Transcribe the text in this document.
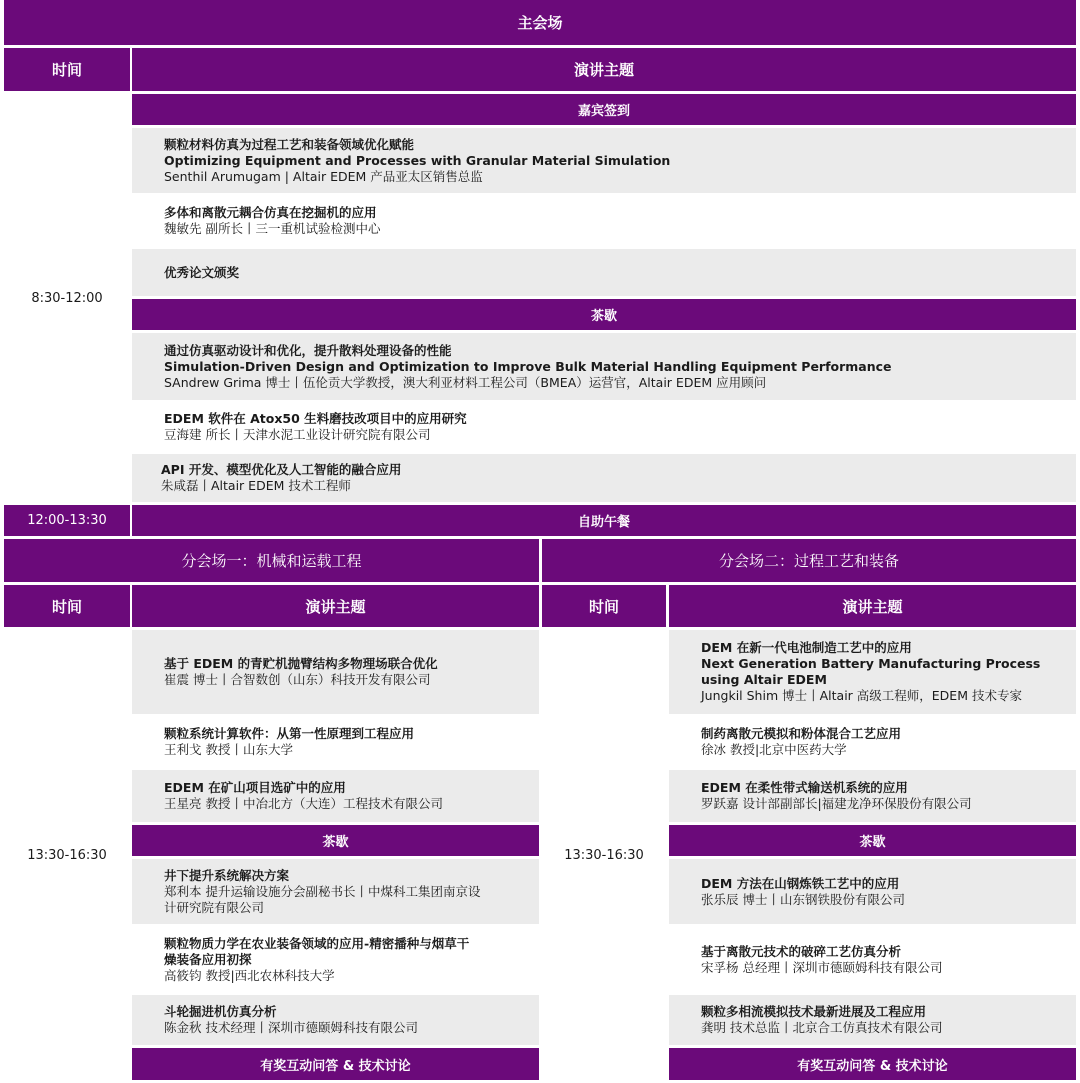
主会场
时间	演讲主题
嘉宾签到
8:30-12:00
颗粒材料仿真为过程工艺和装备领域优化赋能
Optimizing Equipment and Processes with Granular Material Simulation
Senthil Arumugam | Altair EDEM 产品亚太区销售总监
多体和离散元耦合仿真在挖掘机的应用
魏敏先 副所长丨三一重机试验检测中心
优秀论文颁奖
茶歇
通过仿真驱动设计和优化，提升散料处理设备的性能
Simulation-Driven Design and Optimization to Improve Bulk Material Handling Equipment Performance
SAndrew Grima 博士丨伍伦贡大学教授，澳大利亚材料工程公司（BMEA）运营官，Altair EDEM 应用顾问
EDEM 软件在 Atox50 生料磨技改项目中的应用研究
豆海建 所长丨天津水泥工业设计研究院有限公司
API 开发、模型优化及人工智能的融合应用
朱咸磊丨Altair EDEM 技术工程师
12:00-13:30	自助午餐
分会场一：机械和运载工程
时间	演讲主题
13:30-16:30
基于 EDEM 的青贮机抛臂结构多物理场联合优化
崔震 博士丨合智数创（山东）科技开发有限公司
颗粒系统计算软件：从第一性原理到工程应用
王利戈 教授丨山东大学
EDEM 在矿山项目选矿中的应用
王星亮 教授丨中冶北方（大连）工程技术有限公司
茶歇
井下提升系统解决方案
郑利本 提升运输设施分会副秘书长丨中煤科工集团南京设
计研究院有限公司
颗粒物质力学在农业装备领域的应用-精密播种与烟草干
燥装备应用初探
高筱钧 教授|西北农林科技大学
斗轮掘进机仿真分析
陈金秋 技术经理丨深圳市德颐姆科技有限公司
有奖互动问答 & 技术讨论
分会场二：过程工艺和装备
时间	演讲主题
13:30-16:30
DEM 在新一代电池制造工艺中的应用
Next Generation Battery Manufacturing Process
using Altair EDEM
Jungkil Shim 博士丨Altair 高级工程师，EDEM 技术专家
制药离散元模拟和粉体混合工艺应用
徐冰 教授|北京中医药大学
EDEM 在柔性带式输送机系统的应用
罗跃嘉 设计部副部长|福建龙净环保股份有限公司
茶歇
DEM 方法在山钢炼铁工艺中的应用
张乐辰 博士丨山东钢铁股份有限公司
基于离散元技术的破碎工艺仿真分析
宋孚杨 总经理丨深圳市德颐姆科技有限公司
颗粒多相流模拟技术最新进展及工程应用
龚明 技术总监丨北京合工仿真技术有限公司
有奖互动问答 & 技术讨论
